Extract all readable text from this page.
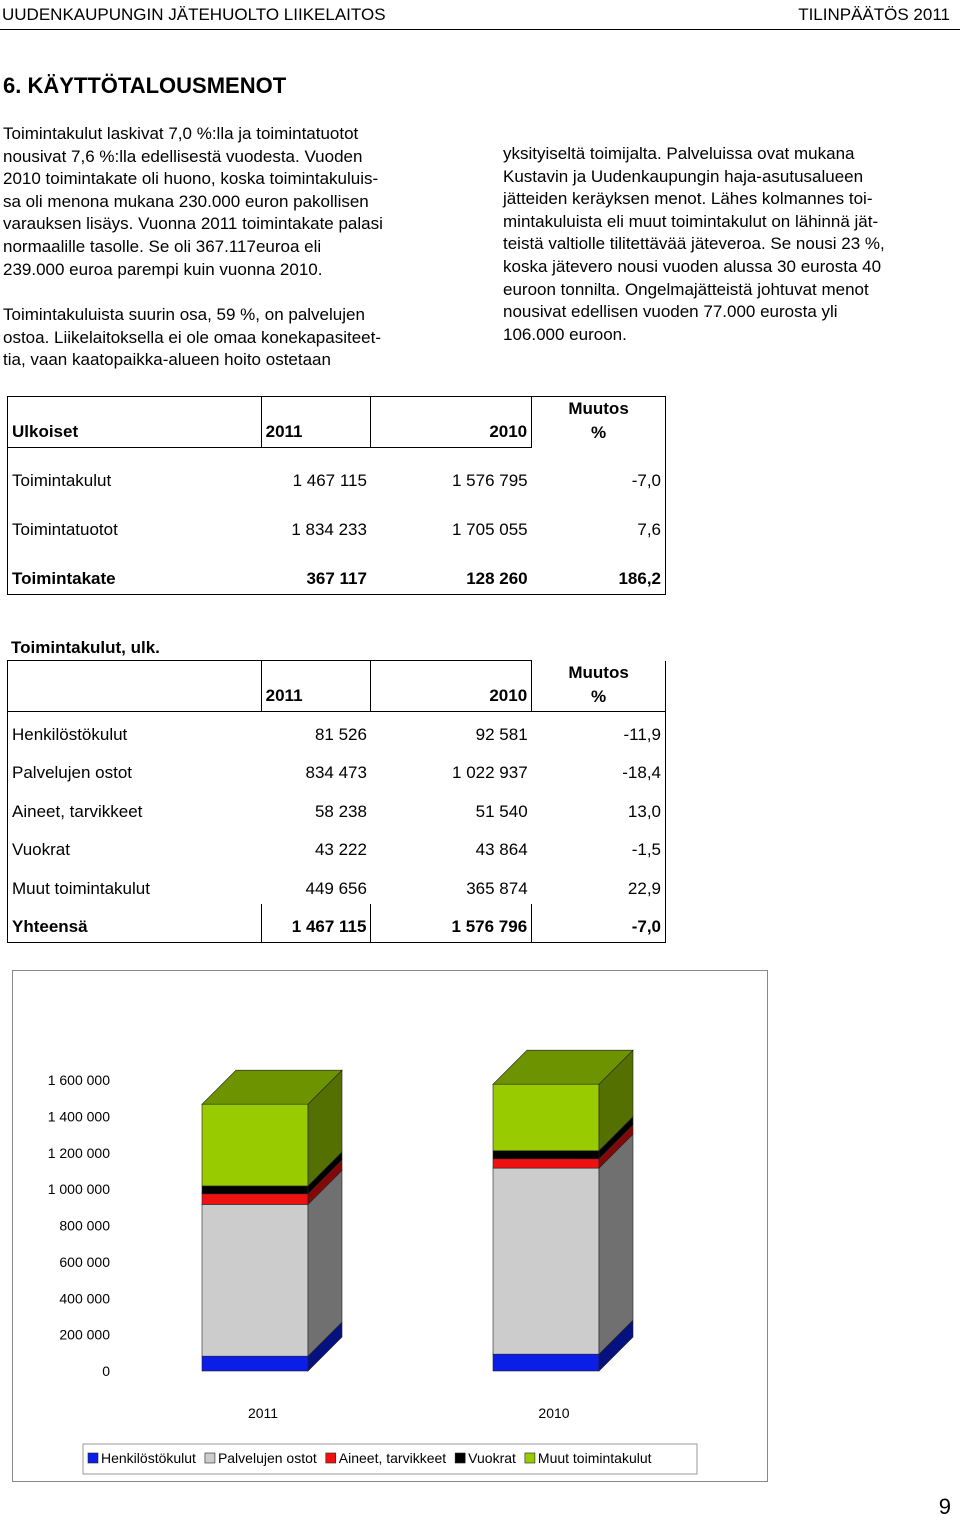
UUDENKAUPUNGIN JÄTEHUOLTO LIIKELAITOS	TILINPÄÄTÖS 2011
6. KÄYTTÖTALOUSMENOT

Toimintakulut laskivat 7,0 %:lla ja toimintatuotot
nousivat 7,6 %:lla edellisestä vuodesta. Vuoden
2010 toimintakate oli huono, koska toimintakuluis-
sa oli menona mukana 230.000 euron pakollisen
varauksen lisäys. Vuonna 2011 toimintakate palasi
normaalille tasolle. Se oli 367.117euroa eli
239.000 euroa parempi kuin vuonna 2010.

Toimintakuluista suurin osa, 59 %, on palvelujen
ostoa. Liikelaitoksella ei ole omaa konekapasiteet-
tia, vaan kaatopaikka-alueen hoito ostetaan

yksityiseltä toimijalta. Palveluissa ovat mukana
Kustavin ja Uudenkaupungin haja-asutusalueen
jätteiden keräyksen menot. Lähes kolmannes toi-
mintakuluista eli muut toimintakulut on lähinnä jät-
teistä valtiolle tilitettävää jäteveroa. Se nousi 23 %,
koska jätevero nousi vuoden alussa 30 eurosta 40
euroon tonnilta. Ongelmajätteistä johtuvat menot
nousivat edellisen vuoden 77.000 eurosta yli
106.000 euroon.

Ulkoiset	2011	2010	Muutos
%
Toimintakulut	1 467 115	1 576 795	-7,0
Toimintatuotot	1 834 233	1 705 055	7,6
Toimintakate	367 117	128 260	186,2
Toimintakulut, ulk.
	2011	2010	Muutos
%
Henkilöstökulut	81 526	92 581	-11,9
Palvelujen ostot	834 473	1 022 937	-18,4
Aineet, tarvikkeet	58 238	51 540	13,0
Vuokrat	43 222	43 864	-1,5
Muut toimintakulut	449 656	365 874	22,9
Yhteensä	1 467 115	1 576 796	-7,0
0
200 000
400 000
600 000
800 000
1 000 000
1 200 000
1 400 000
1 600 000
2011	2010
Henkilöstökulut Palvelujen ostot Aineet, tarvikkeet Vuokrat Muut toimintakulut
9
